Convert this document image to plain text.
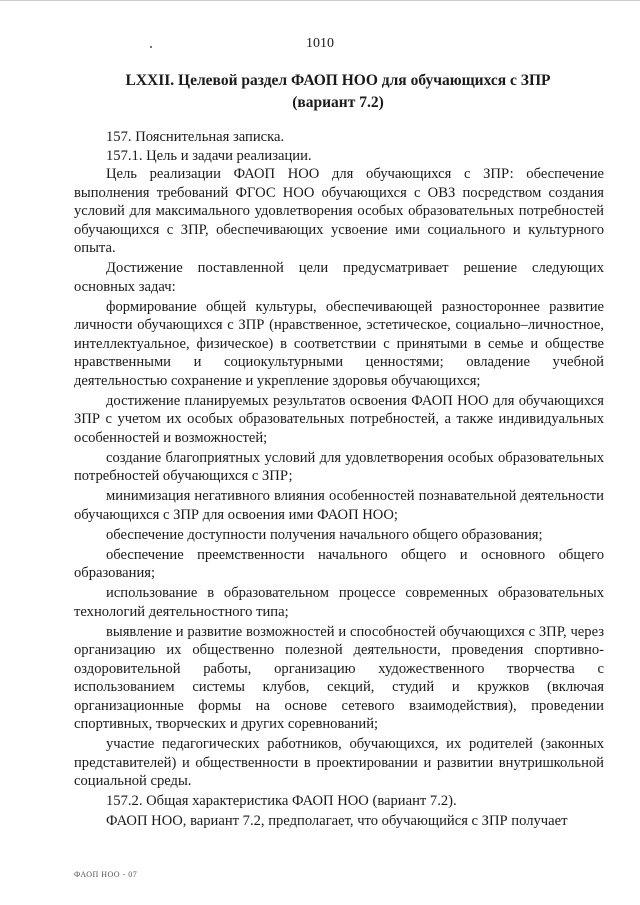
1010
LXXII. Целевой раздел ФАОП НОО для обучающихся с ЗПР
(вариант 7.2)

157. Пояснительная записка.

157.1. Цель и задачи реализации.

Цель реализации ФАОП НОО для обучающихся с ЗПР: обеспечение выполнения требований ФГОС НОО обучающихся с ОВЗ посредством создания условий для максимального удовлетворения особых образовательных потребностей обучающихся с ЗПР, обеспечивающих усвоение ими социального и культурного опыта.

Достижение поставленной цели предусматривает решение следующих основных задач:

формирование общей культуры, обеспечивающей разностороннее развитие личности обучающихся с ЗПР (нравственное, эстетическое, социально–личностное, интеллектуальное, физическое) в соответствии с принятыми в семье и обществе нравственными и социокультурными ценностями; овладение учебной деятельностью сохранение и укрепление здоровья обучающихся;

достижение планируемых результатов освоения ФАОП НОО для обучающихся ЗПР с учетом их особых образовательных потребностей, а также индивидуальных особенностей и возможностей;

создание благоприятных условий для удовлетворения особых образовательных потребностей обучающихся с ЗПР;

минимизация негативного влияния особенностей познавательной деятельности обучающихся с ЗПР для освоения ими ФАОП НОО;

обеспечение доступности получения начального общего образования;

обеспечение преемственности начального общего и основного общего образования;

использование в образовательном процессе современных образовательных технологий деятельностного типа;

выявление и развитие возможностей и способностей обучающихся с ЗПР, через организацию их общественно полезной деятельности, проведения спортивно-оздоровительной работы, организацию художественного творчества с использованием системы клубов, секций, студий и кружков (включая организационные формы на основе сетевого взаимодействия), проведении спортивных, творческих и других соревнований;

участие педагогических работников, обучающихся, их родителей (законных представителей) и общественности в проектировании и развитии внутришкольной социальной среды.

157.2. Общая характеристика ФАОП НОО (вариант 7.2).

ФАОП НОО, вариант 7.2, предполагает, что обучающийся с ЗПР получает

ФАОП НОО - 07
